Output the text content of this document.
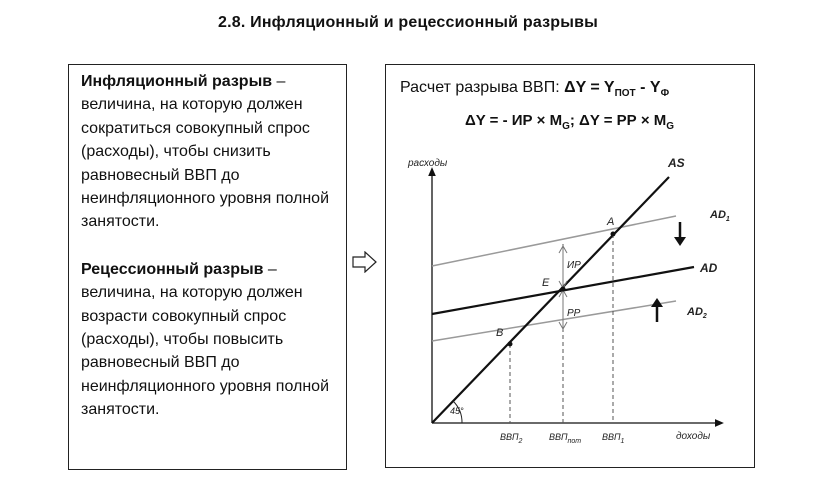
2.8. Инфляционный и рецессионный разрывы

Инфляционный разрыв – величина, на которую должен сократиться совокупный спрос (расходы), чтобы снизить равновесный ВВП до неинфляционного уровня полной занятости.

Рецессионный разрыв – величина, на которую должен возрасти совокупный спрос (расходы), чтобы повысить равновесный ВВП до неинфляционного уровня полной занятости.

Расчет разрыва ВВП: $\Delta Y = Y_{ПОТ} - Y_Ф$
ΔY = - ИР × $M_G$; ΔY = РР × $M_G$
расходы
доходы
45°
ИР
РР
A
E
B
AS
$AD_1$
AD
$AD_2$
$ВВП_2$	$ВВП_{пот}$ $ВВП_1$
